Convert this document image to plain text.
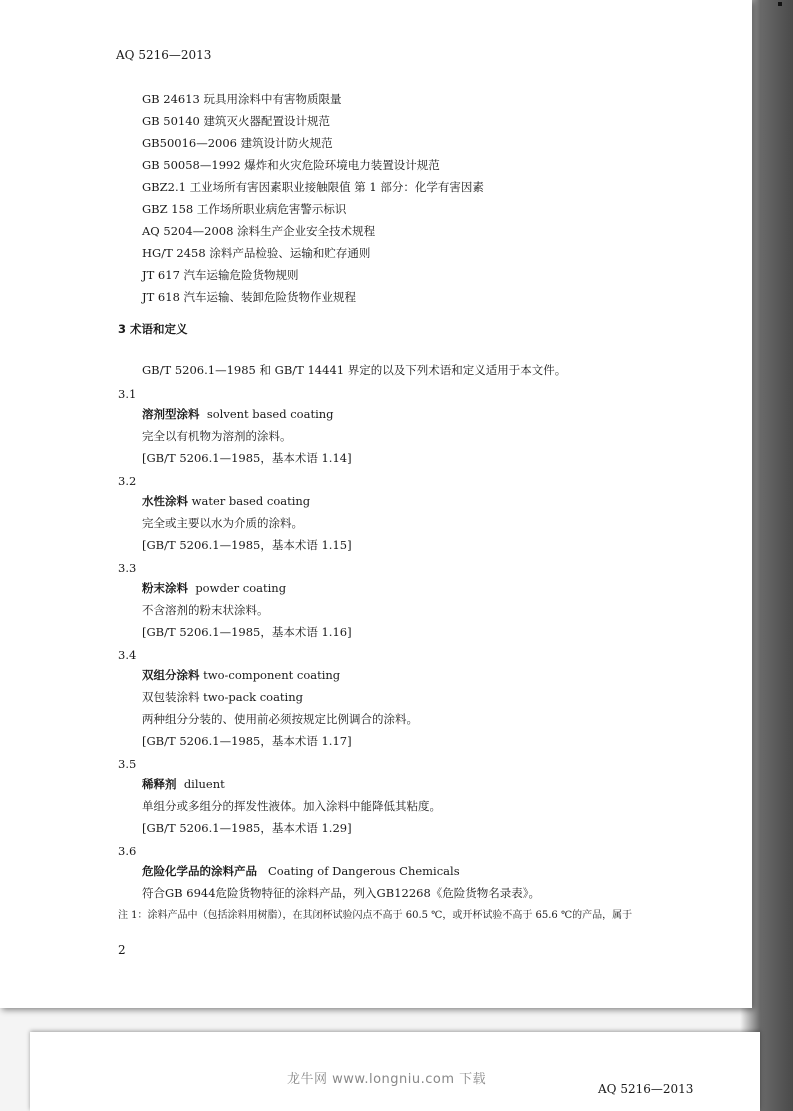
AQ 5216—2013
GB 24613 玩具用涂料中有害物质限量
GB 50140 建筑灭火器配置设计规范
GB50016—2006 建筑设计防火规范
GB 50058—1992 爆炸和火灾危险环境电力装置设计规范
GBZ2.1 工业场所有害因素职业接触限值 第 1 部分：化学有害因素
GBZ 158 工作场所职业病危害警示标识
AQ 5204—2008 涂料生产企业安全技术规程
HG/T 2458 涂料产品检验、运输和贮存通则
JT 617 汽车运输危险货物规则
JT 618 汽车运输、装卸危险货物作业规程
3 术语和定义
GB/T 5206.1—1985 和 GB/T 14441 界定的以及下列术语和定义适用于本文件。
3.1
溶剂型涂料 solvent based coating
完全以有机物为溶剂的涂料。
[GB/T 5206.1—1985，基本术语 1.14]
3.2
水性涂料 water based coating
完全或主要以水为介质的涂料。
[GB/T 5206.1—1985，基本术语 1.15]
3.3
粉末涂料 powder coating
不含溶剂的粉末状涂料。
[GB/T 5206.1—1985，基本术语 1.16]
3.4
双组分涂料 two-component coating
双包装涂料 two-pack coating
两种组分分装的、使用前必须按规定比例调合的涂料。
[GB/T 5206.1—1985，基本术语 1.17]
3.5
稀释剂 diluent
单组分或多组分的挥发性液体。加入涂料中能降低其粘度。
[GB/T 5206.1—1985，基本术语 1.29]
3.6
危险化学品的涂料产品 Coating of Dangerous Chemicals
符合GB 6944危险货物特征的涂料产品，列入GB12268《危险货物名录表》。
注 1：涂料产品中（包括涂料用树脂），在其闭杯试验闪点不高于 60.5 ℃，或开杯试验不高于 65.6 ℃的产品，属于
2
龙牛网 www.longniu.com 下载
AQ 5216—2013
